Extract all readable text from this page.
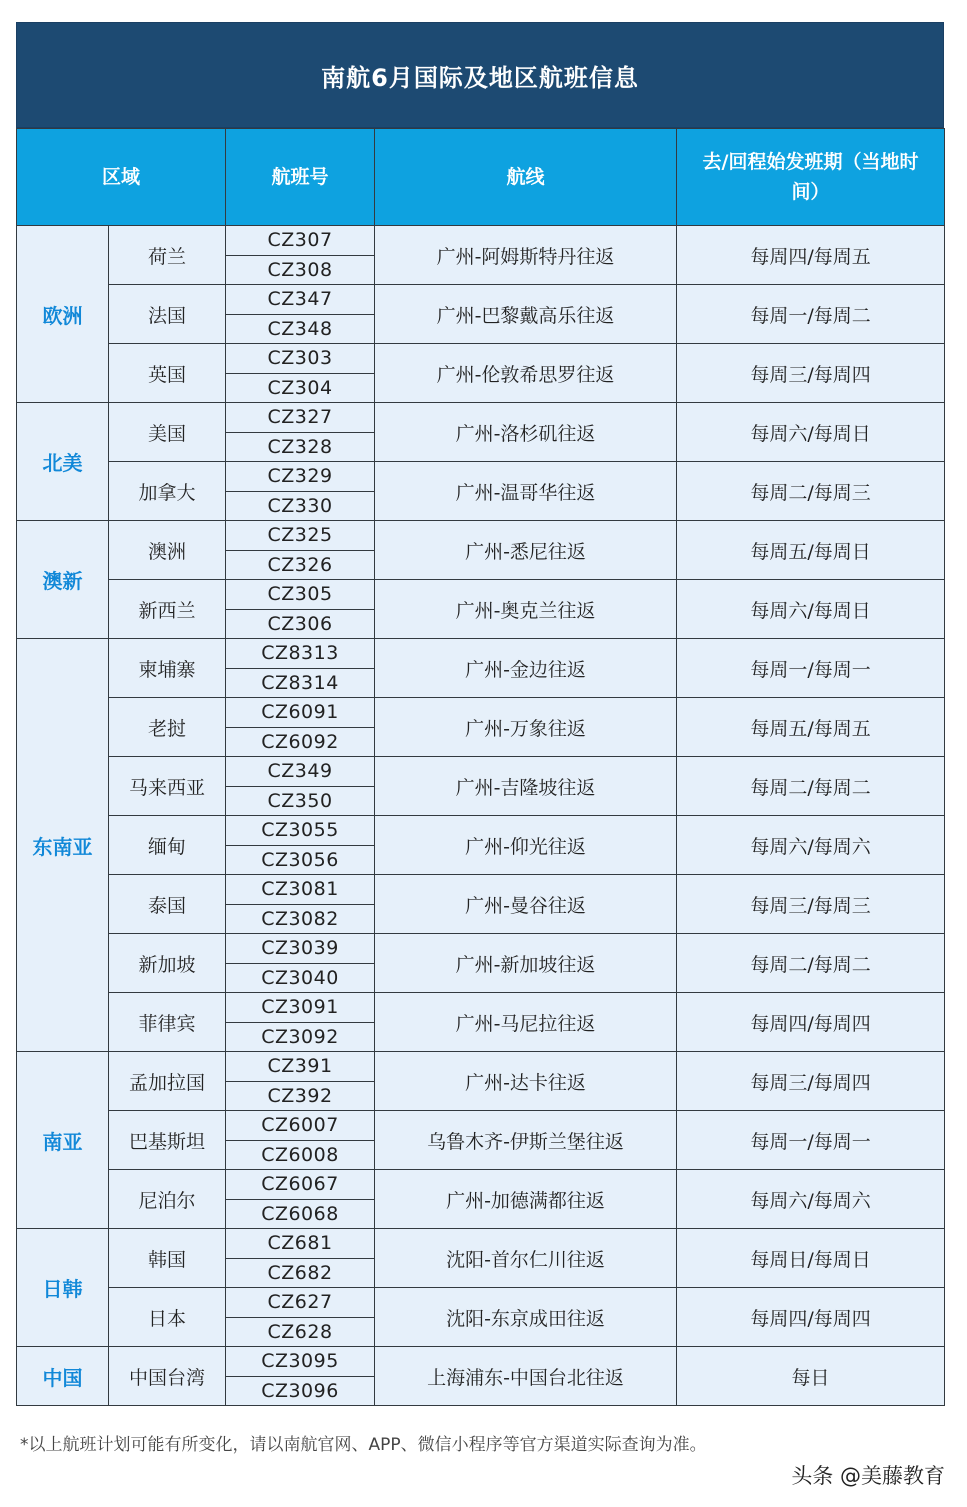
南航6月国际及地区航班信息
区域		航班号	航线	去/回程始发班期（当地时
间）
欧洲	荷兰	CZ307	广州-阿姆斯特丹往返	每周四/每周五
		CZ308		
	法国	CZ347	广州-巴黎戴高乐往返	每周一/每周二
		CZ348		
	英国	CZ303	广州-伦敦希思罗往返	每周三/每周四
		CZ304		
北美	美国	CZ327	广州-洛杉矶往返	每周六/每周日
		CZ328		
	加拿大	CZ329	广州-温哥华往返	每周二/每周三
		CZ330		
澳新	澳洲	CZ325	广州-悉尼往返	每周五/每周日
		CZ326		
	新西兰	CZ305	广州-奥克兰往返	每周六/每周日
		CZ306		
东南亚	柬埔寨	CZ8313	广州-金边往返	每周一/每周一
		CZ8314		
	老挝	CZ6091	广州-万象往返	每周五/每周五
		CZ6092		
	马来西亚	CZ349	广州-吉隆坡往返	每周二/每周二
		CZ350		
	缅甸	CZ3055	广州-仰光往返	每周六/每周六
		CZ3056		
	泰国	CZ3081	广州-曼谷往返	每周三/每周三
		CZ3082		
	新加坡	CZ3039	广州-新加坡往返	每周二/每周二
		CZ3040		
	菲律宾	CZ3091	广州-马尼拉往返	每周四/每周四
		CZ3092		
南亚	孟加拉国	CZ391	广州-达卡往返	每周三/每周四
		CZ392		
	巴基斯坦	CZ6007	乌鲁木齐-伊斯兰堡往返	每周一/每周一
		CZ6008		
	尼泊尔	CZ6067	广州-加德满都往返	每周六/每周六
		CZ6068		
日韩	韩国	CZ681	沈阳-首尔仁川往返	每周日/每周日
		CZ682		
	日本	CZ627	沈阳-东京成田往返	每周四/每周四
		CZ628		
中国	中国台湾	CZ3095	上海浦东-中国台北往返	每日
		CZ3096		
*以上航班计划可能有所变化，请以南航官网、APP、微信小程序等官方渠道实际查询为准。
头条 @美藤教育
